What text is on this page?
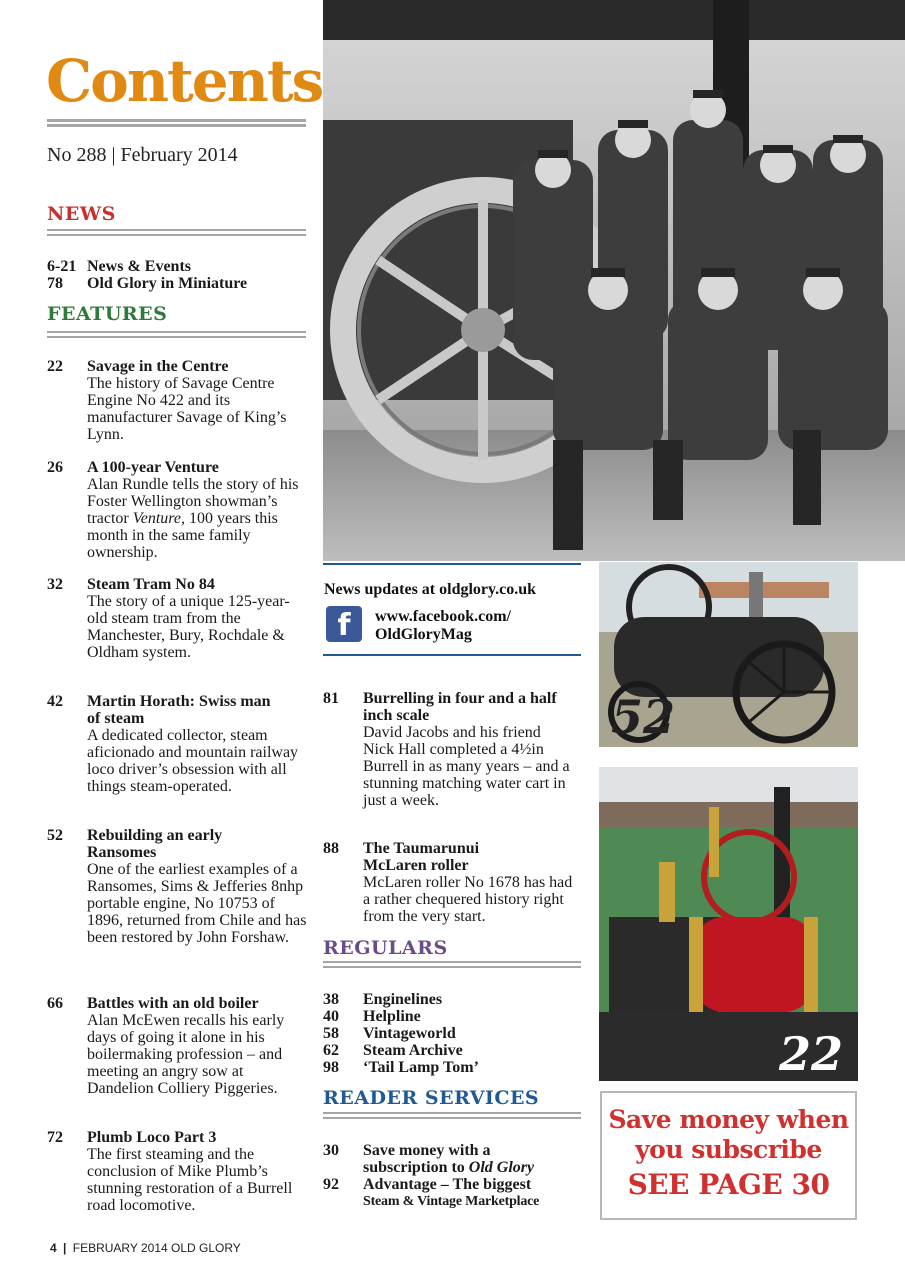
Contents
No 288 | February 2014
NEWS
6-21 News & Events
78	Old Glory in Miniature
FEATURES
22 Savage in the Centre
The history of Savage Centre Engine No 422 and its manufacturer Savage of King’s Lynn.
26 A 100-year Venture
Alan Rundle tells the story of his Foster Wellington showman’s tractor Venture, 100 years this month in the same family ownership.
32 Steam Tram No 84
The story of a unique 125-year-old steam tram from the Manchester, Bury, Rochdale & Oldham system.
42 Martin Horath: Swiss man of steam
A dedicated collector, steam aficionado and mountain railway loco driver’s obsession with all things steam-operated.
52 Rebuilding an early Ransomes
One of the earliest examples of a Ransomes, Sims & Jefferies 8nhp portable engine, No 10753 of 1896, returned from Chile and has been restored by John Forshaw.
66 Battles with an old boiler
Alan McEwen recalls his early days of going it alone in his boilermaking profession – and meeting an angry sow at Dandelion Colliery Piggeries.
72 Plumb Loco Part 3
The first steaming and the conclusion of Mike Plumb’s stunning restoration of a Burrell road locomotive.
News updates at oldglory.co.uk
f	www.facebook.com/
OldGloryMag
81 Burrelling in four and a half inch scale
David Jacobs and his friend Nick Hall completed a 4½in Burrell in as many years – and a stunning matching water cart in just a week.
88 The Taumarunui McLaren roller
McLaren roller No 1678 has had a rather chequered history right from the very start.
REGULARS
38	Enginelines
40	Helpline
58	Vintageworld
62	Steam Archive
98	‘Tail Lamp Tom’
READER SERVICES
30	Save money with a subscription to Old Glory
92	Advantage – The biggest
Steam & Vintage Marketplace
52
22
Save money when
you subscribe
SEE PAGE 30
4 | FEBRUARY 2014 OLD GLORY
